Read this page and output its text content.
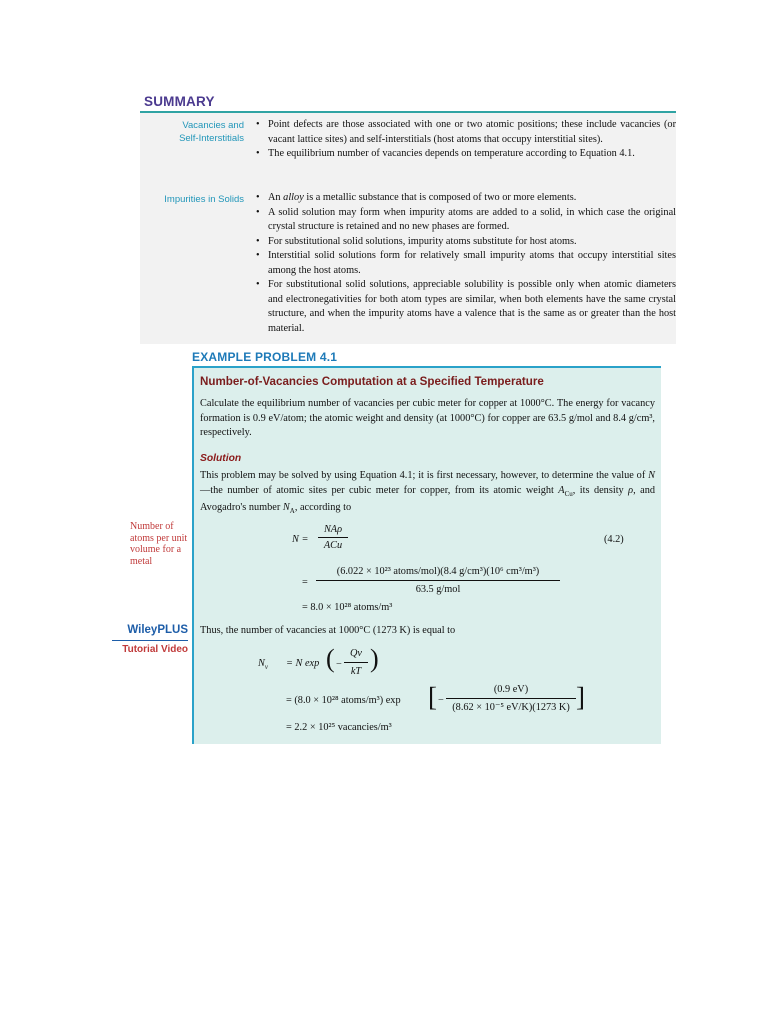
SUMMARY
Vacancies and
Self-Interstitials
• Point defects are those associated with one or two atomic positions; these include vacancies (or vacant lattice sites) and self-interstitials (host atoms that occupy interstitial sites).
• The equilibrium number of vacancies depends on temperature according to Equation 4.1.
Impurities in Solids
•	An alloy is a metallic substance that is composed of two or more elements.
• A solid solution may form when impurity atoms are added to a solid, in which case the original crystal structure is retained and no new phases are formed.
• For substitutional solid solutions, impurity atoms substitute for host atoms.
• Interstitial solid solutions form for relatively small impurity atoms that occupy interstitial sites among the host atoms.
• For substitutional solid solutions, appreciable solubility is possible only when atomic diameters and electronegativities for both atom types are similar, when both elements have the same crystal structure, and when the impurity atoms have a valence that is the same as or greater than the host material.
EXAMPLE PROBLEM 4.1
Number-of-Vacancies Computation at a Specified Temperature

Calculate the equilibrium number of vacancies per cubic meter for copper at 1000°C. The energy for vacancy formation is 0.9 eV/atom; the atomic weight and density (at 1000°C) for copper are 63.5 g/mol and 8.4 g/cm³, respectively.

Solution

This problem may be solved by using Equation 4.1; it is first necessary, however, to determine the value of N—the number of atomic sites per cubic meter for copper, from its atomic weight $A_{Cu}$, its density ρ, and Avogadro's number $N_A$, according to

Number of atoms per unit volume for a metal
N =
NAρ
ACu
(4.2)
=
(6.022 × 10²³ atoms/mol)(8.4 g/cm³)(10⁶ cm³/m³)
63.5 g/mol
= 8.0 × 10²⁸ atoms/m³
WileyPLUS
Tutorial Video
Thus, the number of vacancies at 1000°C (1273 K) is equal to
$N_v = N$ exp ( −
Qv
kT )
= (8.0 × 10²⁸ atoms/m³) exp [ −
(0.9 eV)
(8.62 × 10⁻⁵ eV/K)(1273 K) ]
= 2.2 × 10²⁵ vacancies/m³
